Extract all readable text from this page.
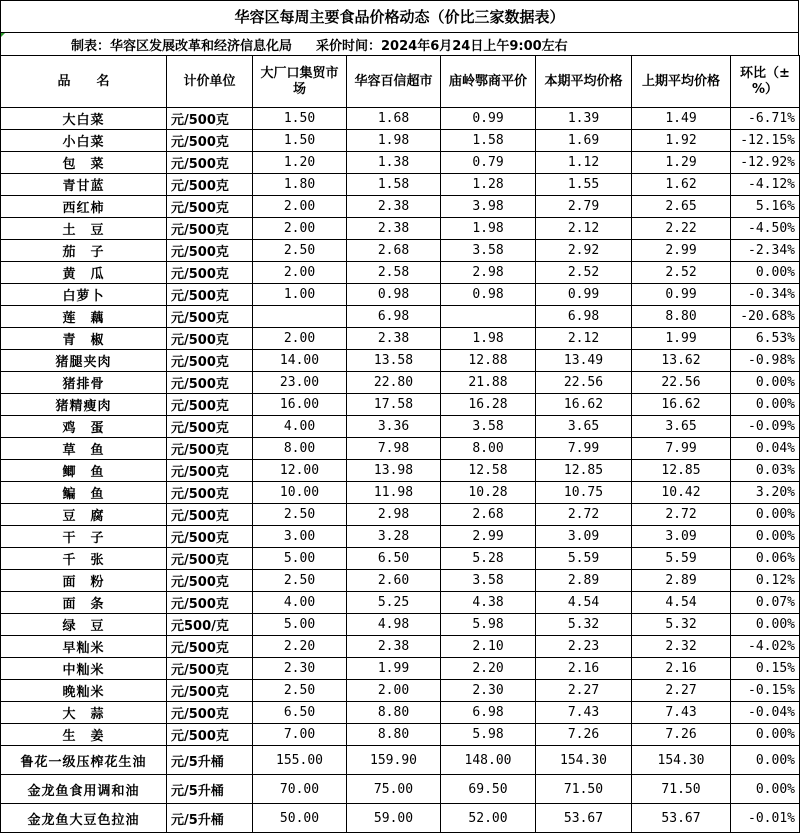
华容区每周主要食品价格动态（价比三家数据表）
制表：华容区发展改革和经济信息化局 采价时间：2024年6月24日上午9:00左右
品　　名	计价单位	大厂口集贸市场	华容百信超市	庙岭鄂商平价	本期平均价格	上期平均价格	环比（±%）
大白菜	元/500克	1.50	1.68	0.99	1.39	1.49	-6.71%
小白菜	元/500克	1.50	1.98	1.58	1.69	1.92	-12.15%
包　菜	元/500克	1.20	1.38	0.79	1.12	1.29	-12.92%
青甘蓝	元/500克	1.80	1.58	1.28	1.55	1.62	-4.12%
西红柿	元/500克	2.00	2.38	3.98	2.79	2.65	5.16%
土　豆	元/500克	2.00	2.38	1.98	2.12	2.22	-4.50%
茄　子	元/500克	2.50	2.68	3.58	2.92	2.99	-2.34%
黄　瓜	元/500克	2.00	2.58	2.98	2.52	2.52	0.00%
白萝卜	元/500克	1.00	0.98	0.98	0.99	0.99	-0.34%
莲　藕	元/500克		6.98		6.98	8.80	-20.68%
青　椒	元/500克	2.00	2.38	1.98	2.12	1.99	6.53%
猪腿夹肉	元/500克	14.00	13.58	12.88	13.49	13.62	-0.98%
猪排骨	元/500克	23.00	22.80	21.88	22.56	22.56	0.00%
猪精瘦肉	元/500克	16.00	17.58	16.28	16.62	16.62	0.00%
鸡　蛋	元/500克	4.00	3.36	3.58	3.65	3.65	-0.09%
草　鱼	元/500克	8.00	7.98	8.00	7.99	7.99	0.04%
鲫　鱼	元/500克	12.00	13.98	12.58	12.85	12.85	0.03%
鳊　鱼	元/500克	10.00	11.98	10.28	10.75	10.42	3.20%
豆　腐	元/500克	2.50	2.98	2.68	2.72	2.72	0.00%
干　子	元/500克	3.00	3.28	2.99	3.09	3.09	0.00%
千　张	元/500克	5.00	6.50	5.28	5.59	5.59	0.06%
面　粉	元/500克	2.50	2.60	3.58	2.89	2.89	0.12%
面　条	元/500克	4.00	5.25	4.38	4.54	4.54	0.07%
绿　豆	元500/克	5.00	4.98	5.98	5.32	5.32	0.00%
早籼米	元/500克	2.20	2.38	2.10	2.23	2.32	-4.02%
中籼米	元/500克	2.30	1.99	2.20	2.16	2.16	0.15%
晚籼米	元/500克	2.50	2.00	2.30	2.27	2.27	-0.15%
大　蒜	元/500克	6.50	8.80	6.98	7.43	7.43	-0.04%
生　姜	元/500克	7.00	8.80	5.98	7.26	7.26	0.00%
鲁花一级压榨花生油	元/5升桶	155.00	159.90	148.00	154.30	154.30	0.00%
金龙鱼食用调和油	元/5升桶	70.00	75.00	69.50	71.50	71.50	0.00%
金龙鱼大豆色拉油	元/5升桶	50.00	59.00	52.00	53.67	53.67	-0.01%
